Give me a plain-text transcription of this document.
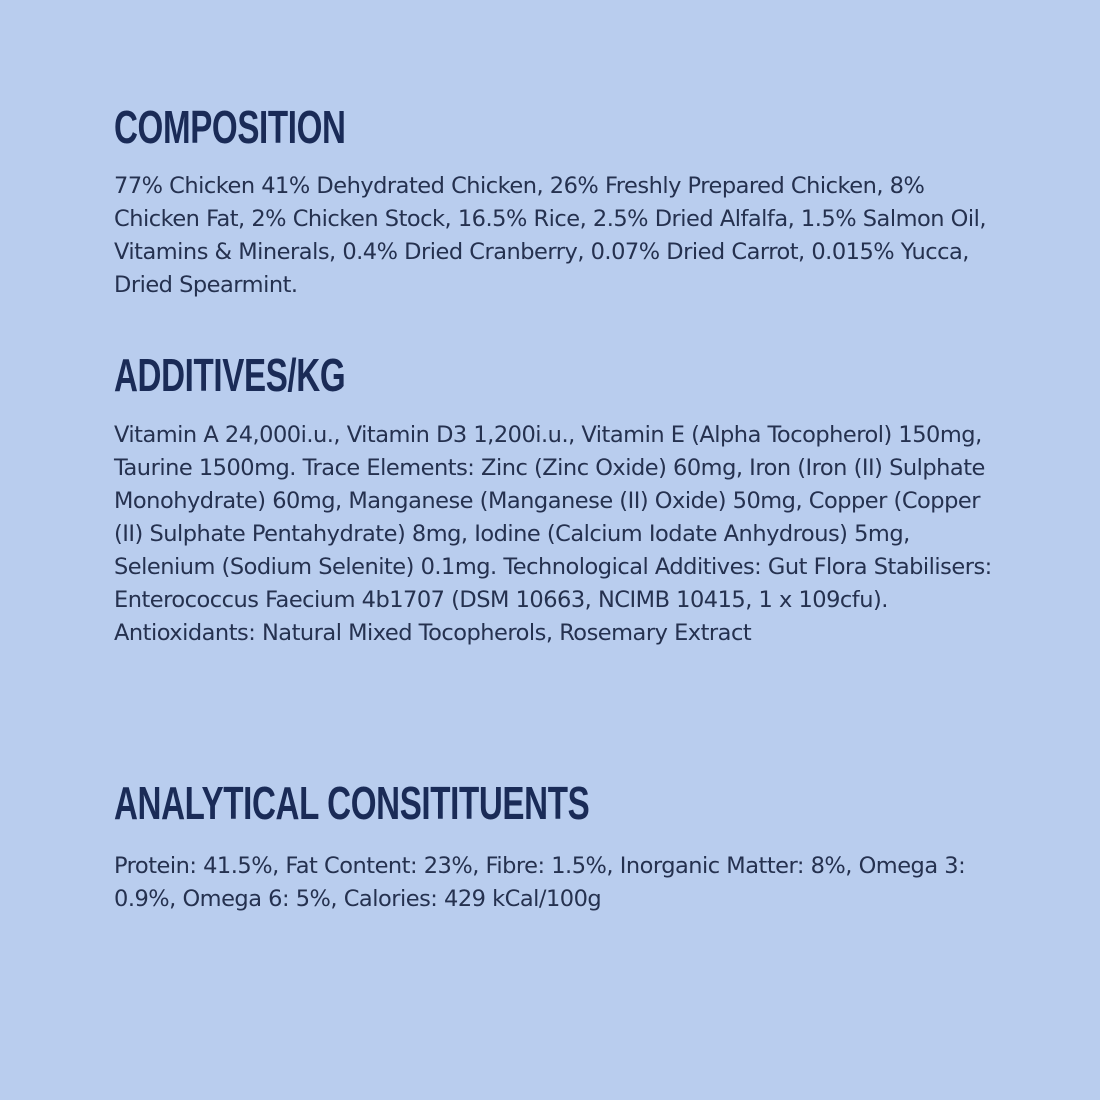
COMPOSITION

77% Chicken 41% Dehydrated Chicken, 26% Freshly Prepared Chicken, 8% Chicken Fat, 2% Chicken Stock, 16.5% Rice, 2.5% Dried Alfalfa, 1.5% Salmon Oil, Vitamins & Minerals, 0.4% Dried Cranberry, 0.07% Dried Carrot, 0.015% Yucca, Dried Spearmint.

ADDITIVES/KG

Vitamin A 24,000i.u., Vitamin D3 1,200i.u., Vitamin E (Alpha Tocopherol) 150mg, Taurine 1500mg. Trace Elements: Zinc (Zinc Oxide) 60mg, Iron (Iron (II) Sulphate Monohydrate) 60mg, Manganese (Manganese (II) Oxide) 50mg, Copper (Copper (II) Sulphate Pentahydrate) 8mg, Iodine (Calcium Iodate Anhydrous) 5mg, Selenium (Sodium Selenite) 0.1mg. Technological Additives: Gut Flora Stabilisers: Enterococcus Faecium 4b1707 (DSM 10663, NCIMB 10415, 1 x 109cfu). Antioxidants: Natural Mixed Tocopherols, Rosemary Extract

ANALYTICAL CONSITITUENTS

Protein: 41.5%, Fat Content: 23%, Fibre: 1.5%, Inorganic Matter: 8%, Omega 3: 0.9%, Omega 6: 5%, Calories: 429 kCal/100g
